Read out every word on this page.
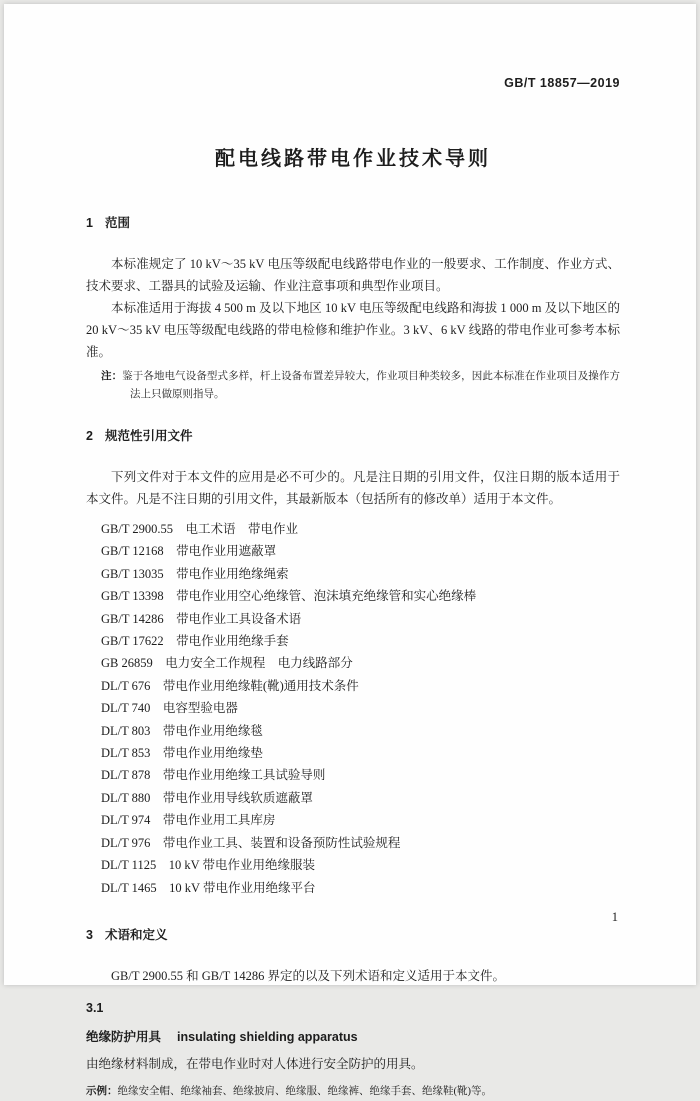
GB/T 18857—2019
配电线路带电作业技术导则
1 范围

本标准规定了 10 kV～35 kV 电压等级配电线路带电作业的一般要求、工作制度、作业方式、技术要求、工器具的试验及运输、作业注意事项和典型作业项目。

本标准适用于海拔 4 500 m 及以下地区 10 kV 电压等级配电线路和海拔 1 000 m 及以下地区的 20 kV～35 kV 电压等级配电线路的带电检修和维护作业。3 kV、6 kV 线路的带电作业可参考本标准。

注：鉴于各地电气设备型式多样，杆上设备布置差异较大，作业项目种类较多，因此本标准在作业项目及操作方法上只做原则指导。
2 规范性引用文件

下列文件对于本文件的应用是必不可少的。凡是注日期的引用文件，仅注日期的版本适用于本文件。凡是不注日期的引用文件，其最新版本（包括所有的修改单）适用于本文件。

GB/T 2900.55　电工术语　带电作业
GB/T 12168　带电作业用遮蔽罩
GB/T 13035　带电作业用绝缘绳索
GB/T 13398　带电作业用空心绝缘管、泡沫填充绝缘管和实心绝缘棒
GB/T 14286　带电作业工具设备术语
GB/T 17622　带电作业用绝缘手套
GB 26859　电力安全工作规程　电力线路部分
DL/T 676　带电作业用绝缘鞋(靴)通用技术条件
DL/T 740　电容型验电器
DL/T 803　带电作业用绝缘毯
DL/T 853　带电作业用绝缘垫
DL/T 878　带电作业用绝缘工具试验导则
DL/T 880　带电作业用导线软质遮蔽罩
DL/T 974　带电作业用工具库房
DL/T 976　带电作业工具、装置和设备预防性试验规程
DL/T 1125　10 kV 带电作业用绝缘服装
DL/T 1465　10 kV 带电作业用绝缘平台
3 术语和定义

GB/T 2900.55 和 GB/T 14286 界定的以及下列术语和定义适用于本文件。

3.1
绝缘防护用具 insulating shielding apparatus

由绝缘材料制成，在带电作业时对人体进行安全防护的用具。

示例：绝缘安全帽、绝缘袖套、绝缘披肩、绝缘服、绝缘裤、绝缘手套、绝缘鞋(靴)等。
1
